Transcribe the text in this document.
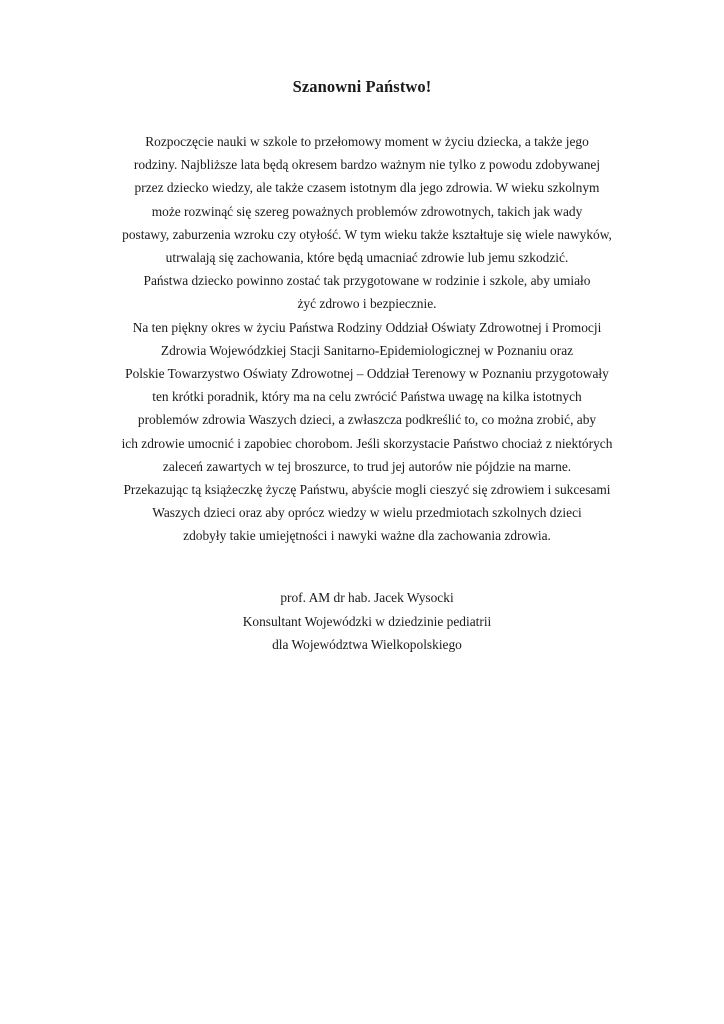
Szanowni Państwo!
Rozpoczęcie nauki w szkole to przełomowy moment w życiu dziecka, a także jego
rodziny. Najbliższe lata będą okresem bardzo ważnym nie tylko z powodu zdobywanej
przez dziecko wiedzy, ale także czasem istotnym dla jego zdrowia. W wieku szkolnym
może rozwinąć się szereg poważnych problemów zdrowotnych, takich jak wady
postawy, zaburzenia wzroku czy otyłość. W tym wieku także kształtuje się wiele nawyków,
utrwalają się zachowania, które będą umacniać zdrowie lub jemu szkodzić.
Państwa dziecko powinno zostać tak przygotowane w rodzinie i szkole, aby umiało
żyć zdrowo i bezpiecznie.
Na ten piękny okres w życiu Państwa Rodziny Oddział Oświaty Zdrowotnej i Promocji
Zdrowia Wojewódzkiej Stacji Sanitarno-Epidemiologicznej w Poznaniu oraz
Polskie Towarzystwo Oświaty Zdrowotnej – Oddział Terenowy w Poznaniu przygotowały
ten krótki poradnik, który ma na celu zwrócić Państwa uwagę na kilka istotnych
problemów zdrowia Waszych dzieci, a zwłaszcza podkreślić to, co można zrobić, aby
ich zdrowie umocnić i zapobiec chorobom. Jeśli skorzystacie Państwo chociaż z niektórych
zaleceń zawartych w tej broszurce, to trud jej autorów nie pójdzie na marne.
Przekazując tą książeczkę życzę Państwu, abyście mogli cieszyć się zdrowiem i sukcesami
Waszych dzieci oraz aby oprócz wiedzy w wielu przedmiotach szkolnych dzieci
zdobyły takie umiejętności i nawyki ważne dla zachowania zdrowia.
prof. AM dr hab. Jacek Wysocki
Konsultant Wojewódzki w dziedzinie pediatrii
dla Województwa Wielkopolskiego
